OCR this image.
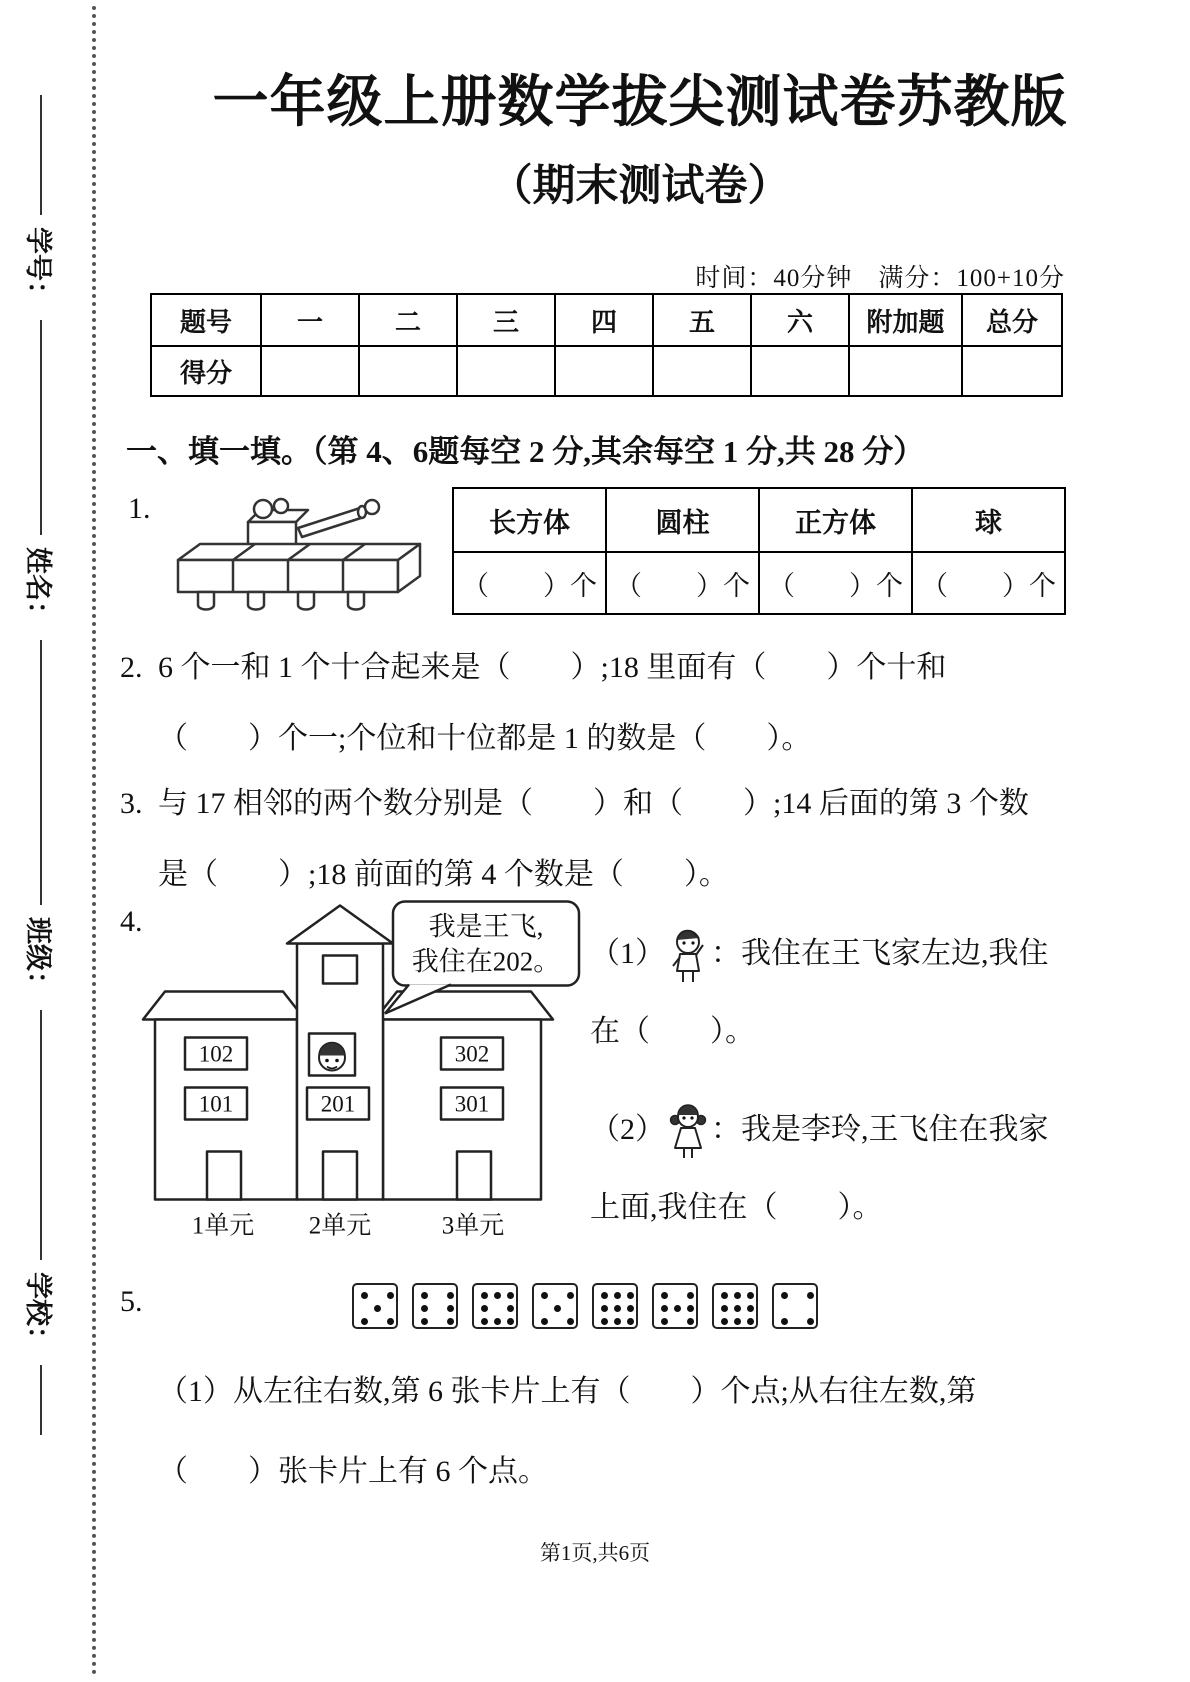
学号：
姓名：
班级：
学校：
一年级上册数学拔尖测试卷苏教版
（期末测试卷）
时间：40分钟　满分：100+10分
题号	一	二	三	四	五	六	附加题	总分
得分								
一、填一填。（第 4、6题每空 2 分,其余每空 1 分,共 28 分）
1.	长方体	圆柱	正方体	球
（　　）个	（　　）个	（　　）个	（　　）个
2. 6 个一和 1 个十合起来是（　　）;18 里面有（　　）个十和（　　）个一;个位和十位都是 1 的数是（　　）。
3. 与 17 相邻的两个数分别是（　　）和（　　）;14 后面的第 3 个数是（　　）;18 前面的第 4 个数是（　　）。
4.	我是王飞,
我住在202。
102
101	201
302
301
1单元 2单元	3单元
（1） ：我住在王飞家左边,我住在（　　）。
（2） ：我是李玲,王飞住在我家上面,我住在（　　）。
5.
（1）从左往右数,第 6 张卡片上有（　　）个点;从右往左数,第（　　）张卡片上有 6 个点。
第1页,共6页
